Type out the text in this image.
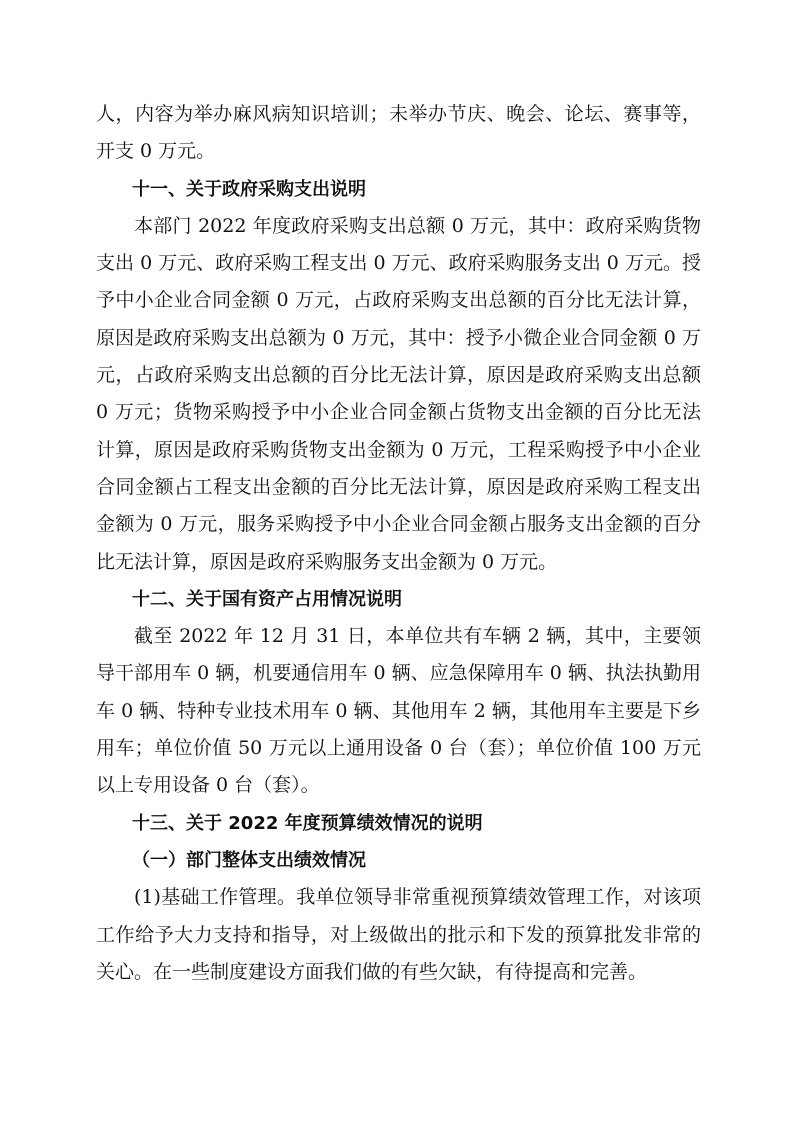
人，内容为举办麻风病知识培训；未举办节庆、晚会、论坛、赛事等，开支 0 万元。

十一、关于政府采购支出说明

本部门 2022 年度政府采购支出总额 0 万元，其中：政府采购货物支出 0 万元、政府采购工程支出 0 万元、政府采购服务支出 0 万元。授予中小企业合同金额 0 万元，占政府采购支出总额的百分比无法计算，原因是政府采购支出总额为 0 万元，其中：授予小微企业合同金额 0 万元，占政府采购支出总额的百分比无法计算，原因是政府采购支出总额 0 万元；货物采购授予中小企业合同金额占货物支出金额的百分比无法计算，原因是政府采购货物支出金额为 0 万元，工程采购授予中小企业合同金额占工程支出金额的百分比无法计算，原因是政府采购工程支出金额为 0 万元，服务采购授予中小企业合同金额占服务支出金额的百分比无法计算，原因是政府采购服务支出金额为 0 万元。

十二、关于国有资产占用情况说明

截至 2022 年 12 月 31 日，本单位共有车辆 2 辆，其中，主要领导干部用车 0 辆，机要通信用车 0 辆、应急保障用车 0 辆、执法执勤用车 0 辆、特种专业技术用车 0 辆、其他用车 2 辆，其他用车主要是下乡用车；单位价值 50 万元以上通用设备 0 台（套）；单位价值 100 万元以上专用设备 0 台（套）。

十三、关于 2022 年度预算绩效情况的说明

（一）部门整体支出绩效情况

(1)基础工作管理。我单位领导非常重视预算绩效管理工作，对该项工作给予大力支持和指导，对上级做出的批示和下发的预算批发非常的关心。在一些制度建设方面我们做的有些欠缺，有待提高和完善。
